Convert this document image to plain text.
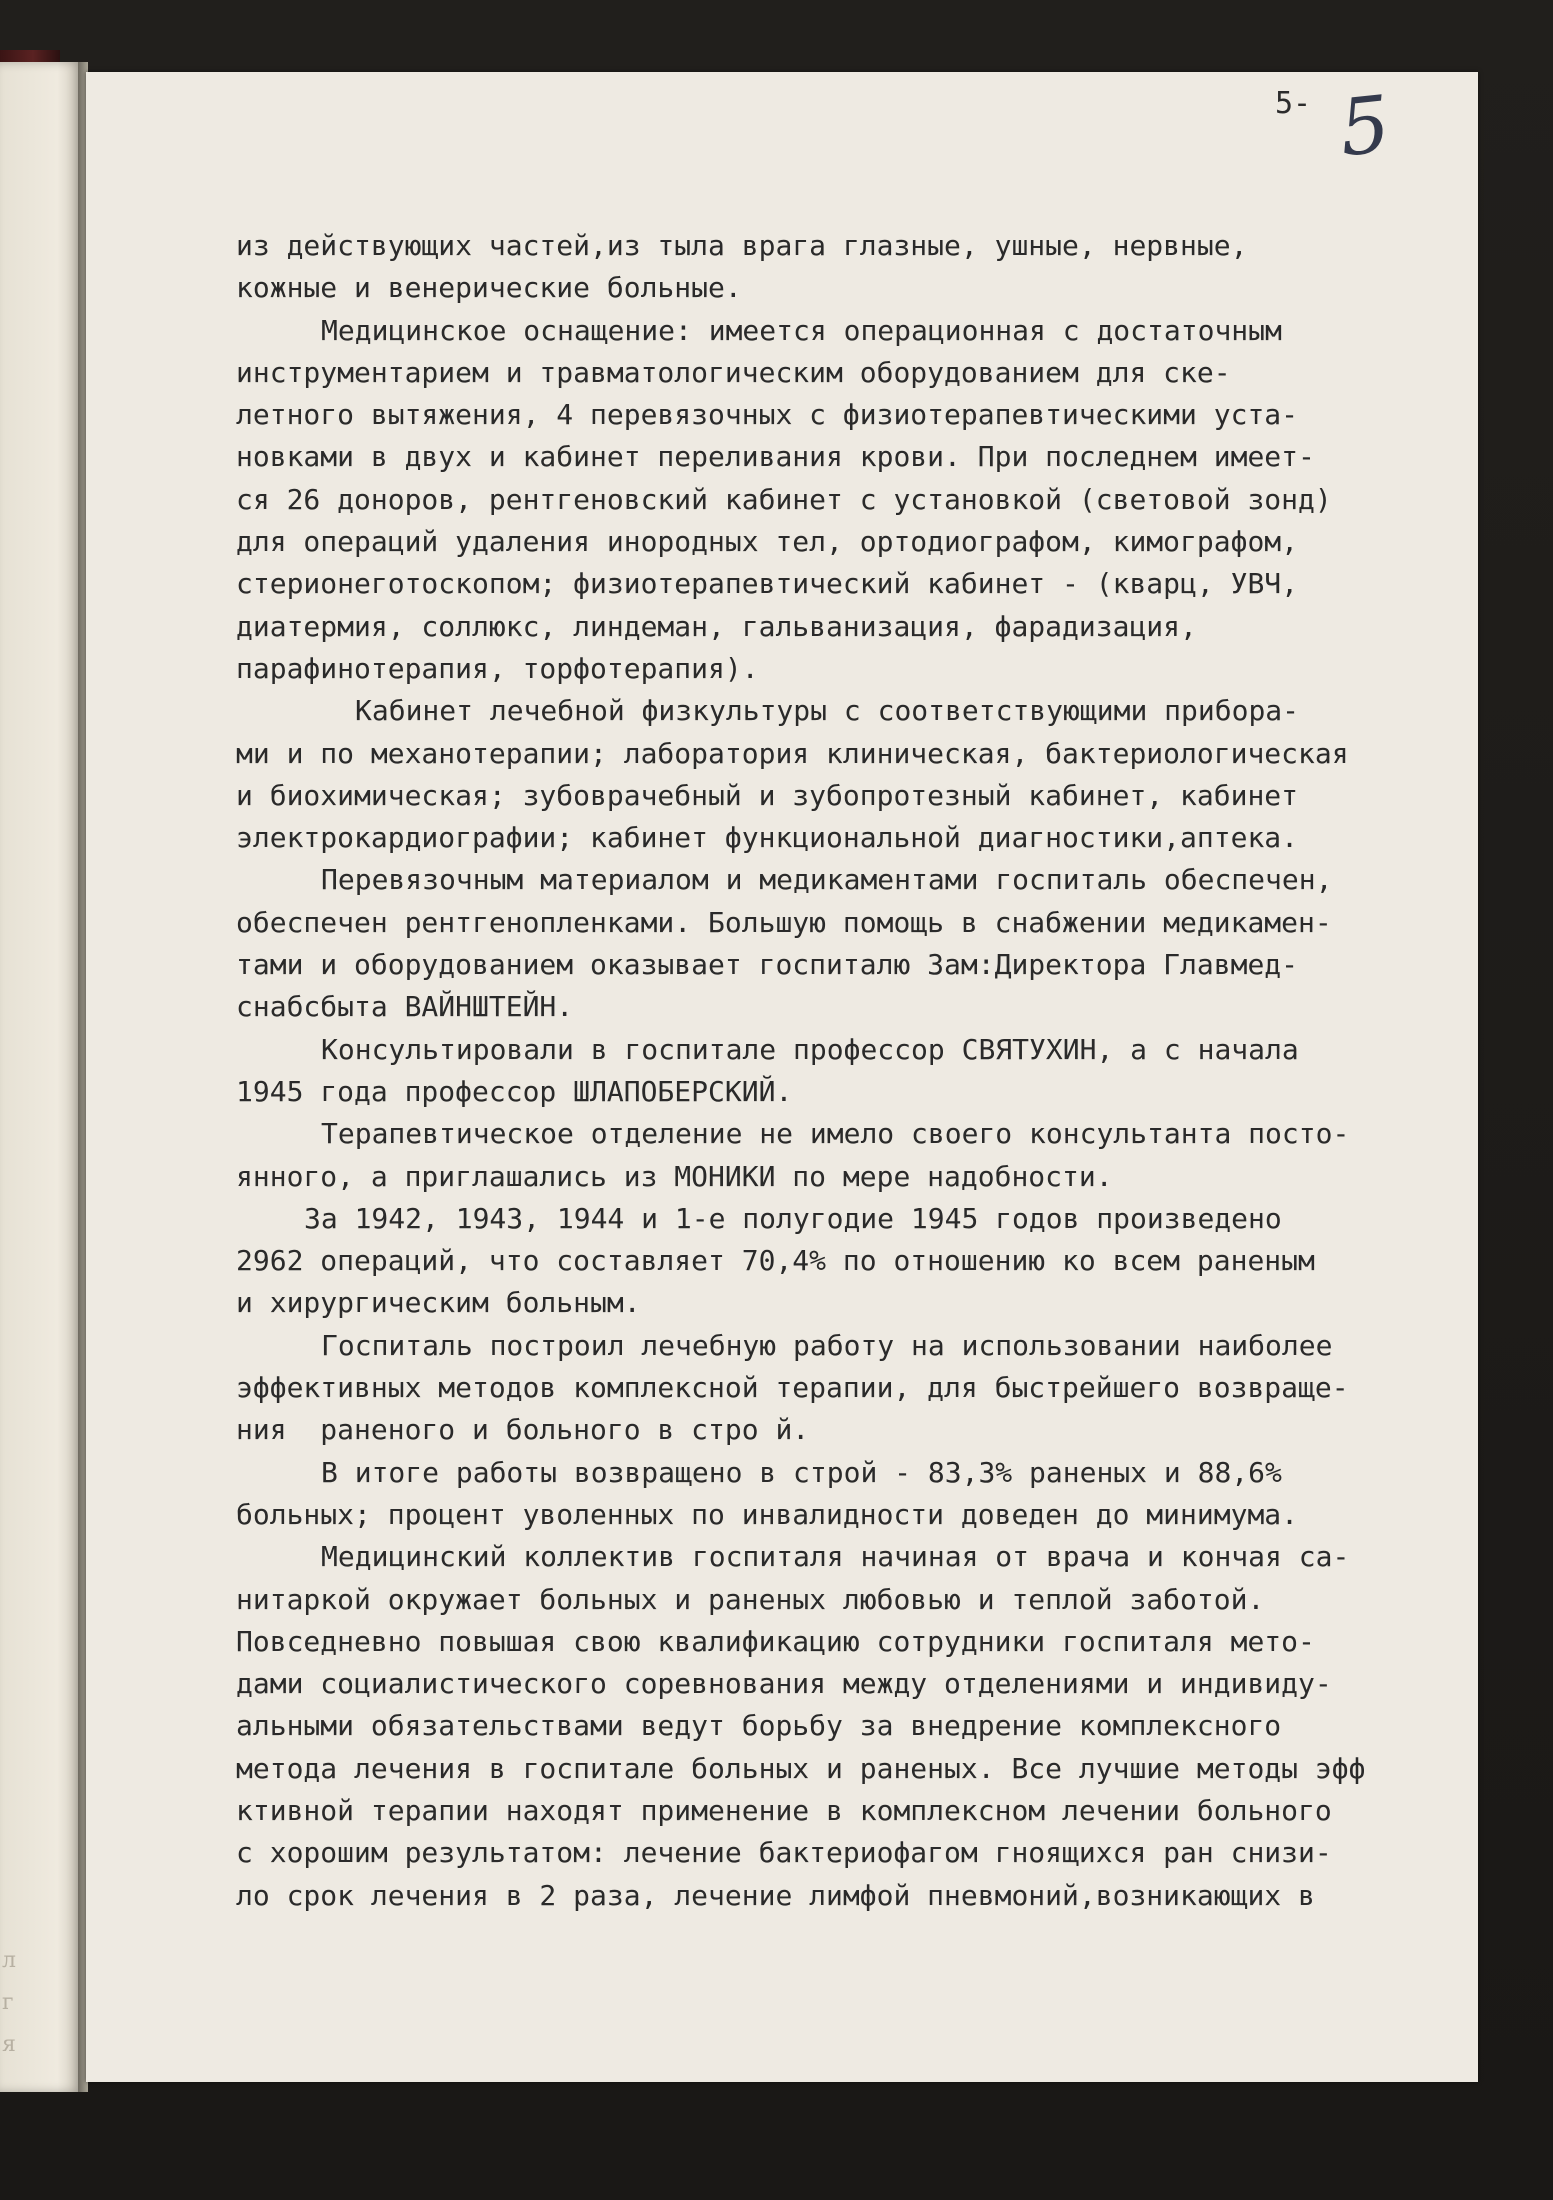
л
г
я

5- 5

из действующих частей,из тыла врага глазные, ушные, нервные,
кожные и венерические больные.
Медицинское оснащение: имеется операционная с достаточным
инструментарием и травматологическим оборудованием для ске-
летного вытяжения, 4 перевязочных с физиотерапевтическими уста-
новками в двух и кабинет переливания крови. При последнем имеет-
ся 26 доноров, рентгеновский кабинет с установкой (световой зонд)
для операций удаления инородных тел, ортодиографом, кимографом,
стерионеготоскопом; физиотерапевтический кабинет - (кварц, УВЧ,
диатермия, соллюкс, линдеман, гальванизация, фарадизация,
парафинотерапия, торфотерапия).
Кабинет лечебной физкультуры с соответствующими прибора-
ми и по механотерапии; лаборатория клиническая, бактериологическая
и биохимическая; зубоврачебный и зубопротезный кабинет, кабинет
электрокардиографии; кабинет функциональной диагностики,аптека.
Перевязочным материалом и медикаментами госпиталь обеспечен,
обеспечен рентгенопленками. Большую помощь в снабжении медикамен-
тами и оборудованием оказывает госпиталю Зам:Директора Главмед-
снабсбыта ВАЙНШТЕЙН.
Консультировали в госпитале профессор СВЯТУХИН, а с начала
1945 года профессор ШЛАПОБЕРСКИЙ.
Терапевтическое отделение не имело своего консультанта посто-
янного, а приглашались из МОНИКИ по мере надобности.
За 1942, 1943, 1944 и 1-е полугодие 1945 годов произведено
2962 операций, что составляет 70,4% по отношению ко всем раненым
и хирургическим больным.
Госпиталь построил лечебную работу на использовании наиболее
эффективных методов комплексной терапии, для быстрейшего возвраще-
ния  раненого и больного в стро й.
В итоге работы возвращено в строй - 83,3% раненых и 88,6%
больных; процент уволенных по инвалидности доведен до минимума.
Медицинский коллектив госпиталя начиная от врача и кончая са-
нитаркой окружает больных и раненых любовью и теплой заботой.
Повседневно повышая свою квалификацию сотрудники госпиталя мето-
дами социалистического соревнования между отделениями и индивиду-
альными обязательствами ведут борьбу за внедрение комплексного
метода лечения в госпитале больных и раненых. Все лучшие методы эфф
ктивной терапии находят применение в комплексном лечении больного
с хорошим результатом: лечение бактериофагом гноящихся ран снизи-
ло срок лечения в 2 раза, лечение лимфой пневмоний,возникающих в
